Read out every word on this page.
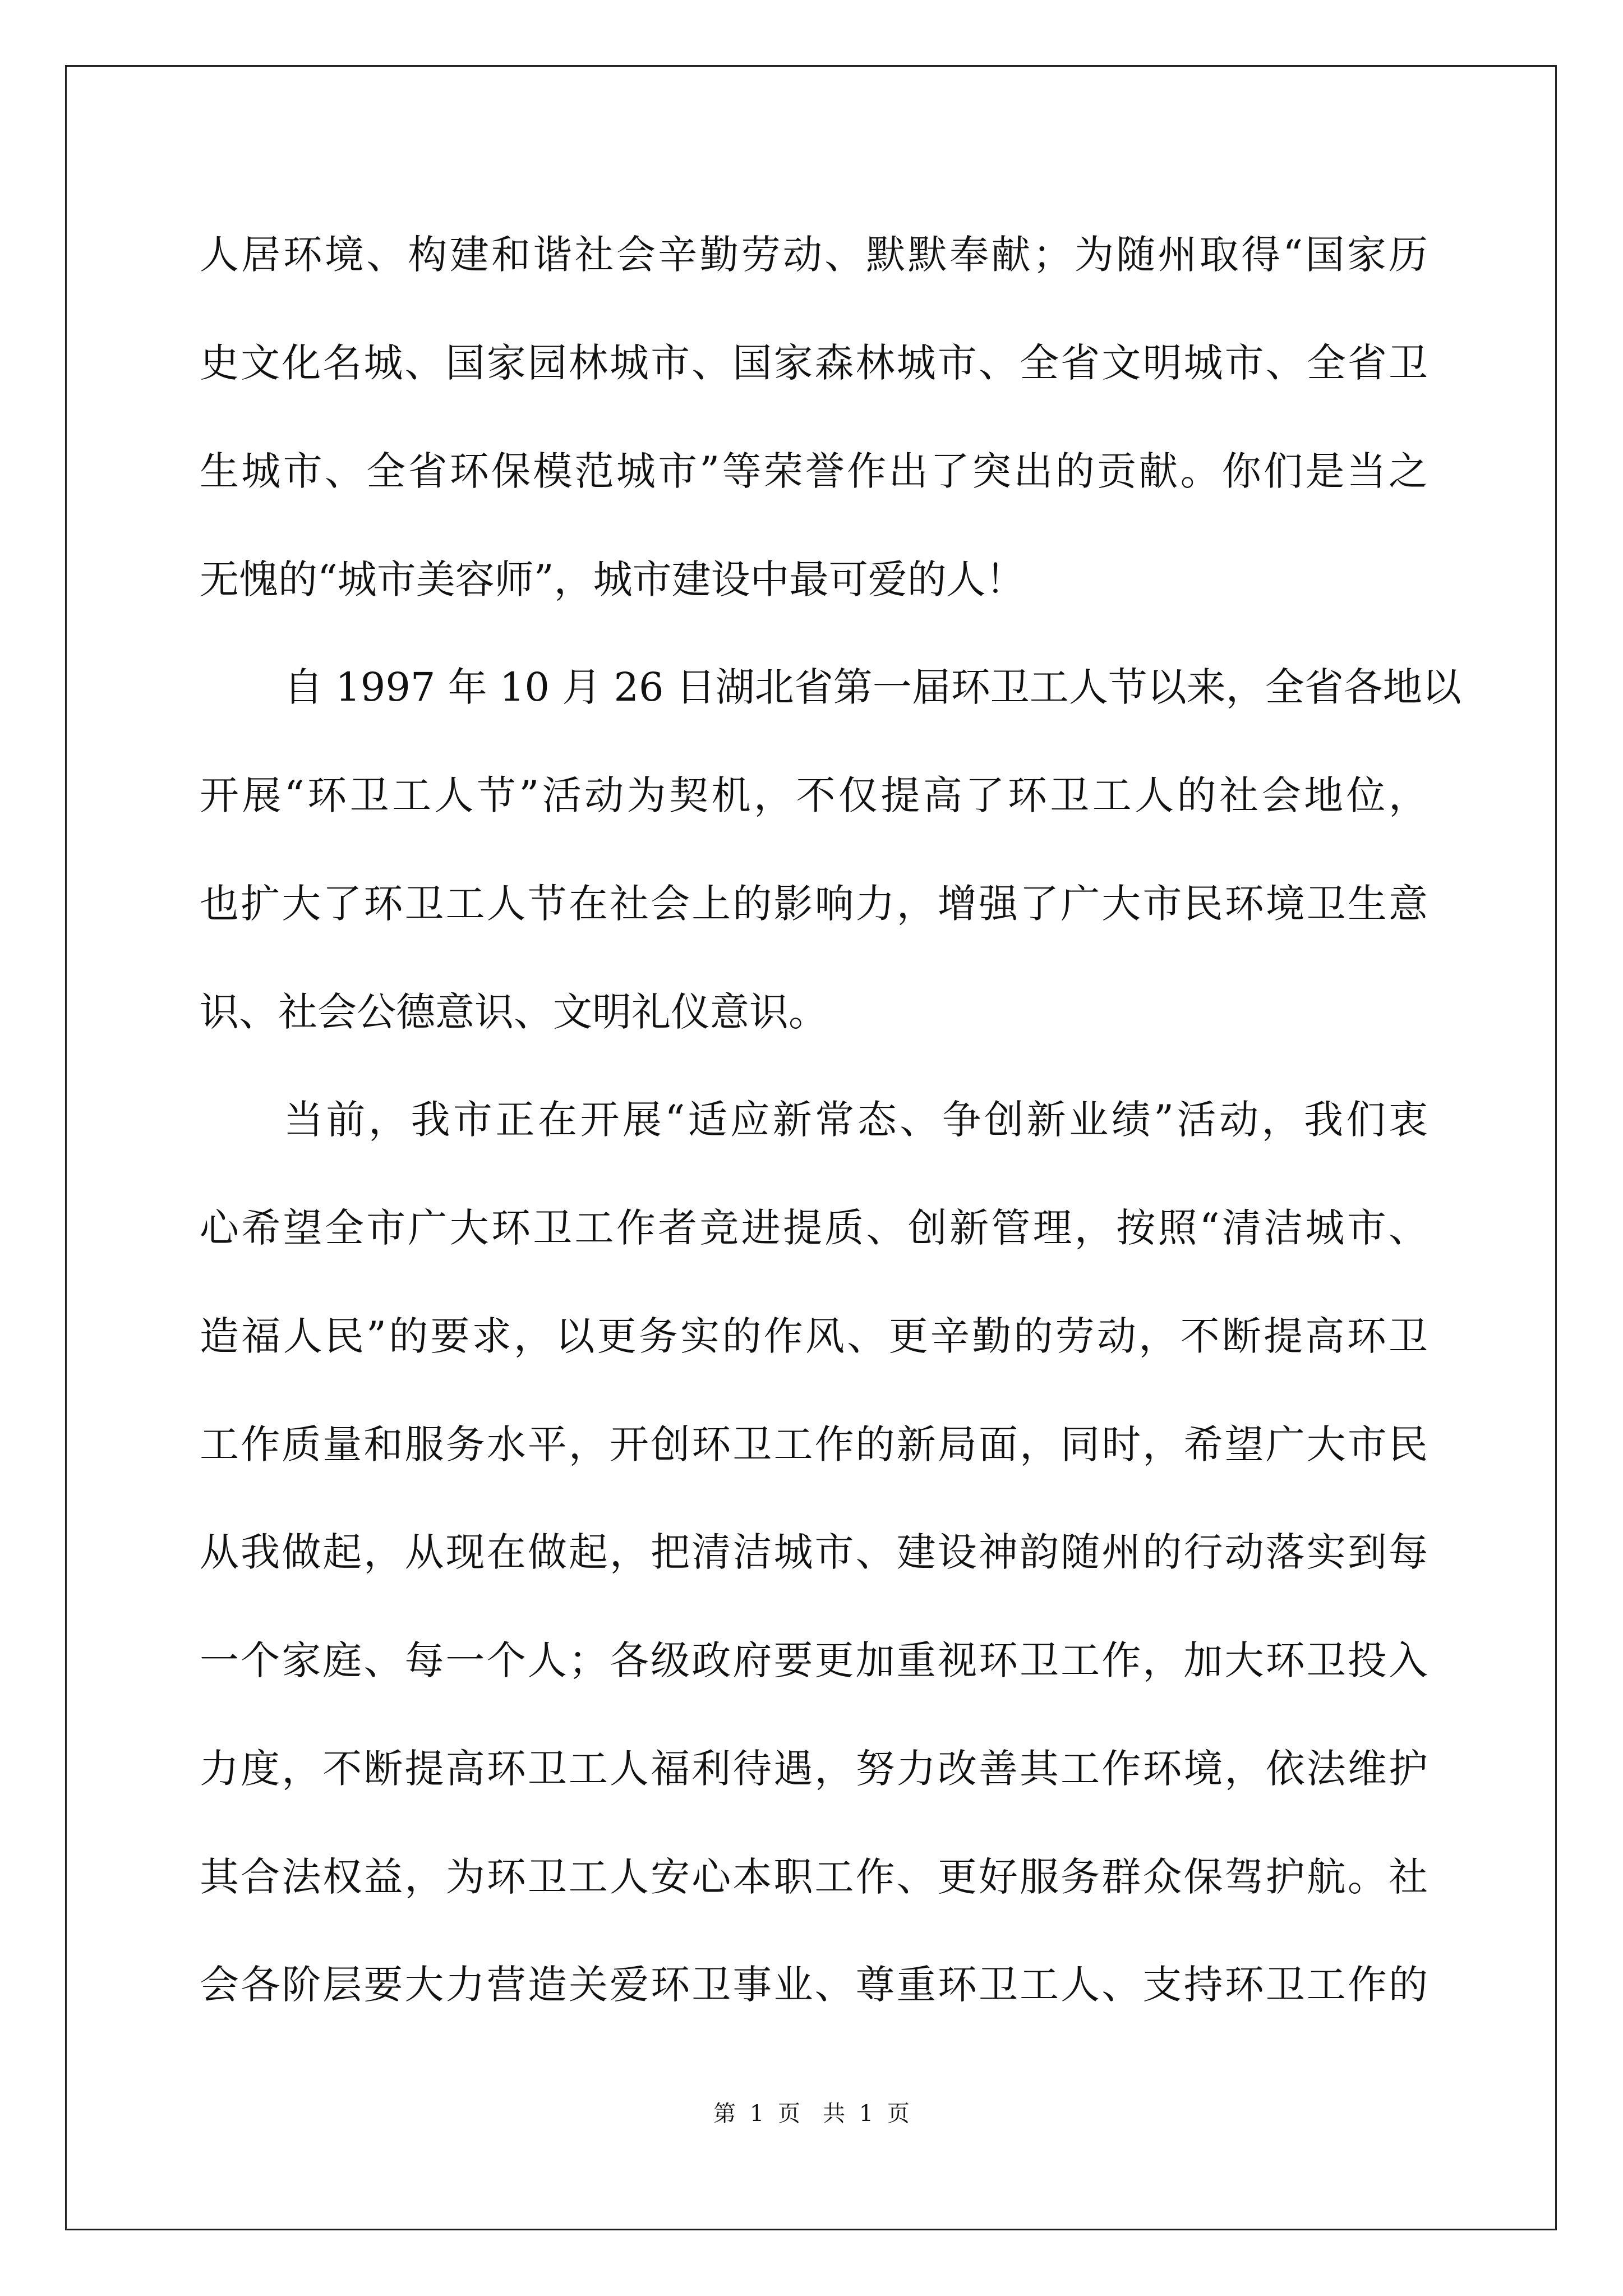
人居环境、构建和谐社会辛勤劳动、默默奉献；为随州取得“国家历
史文化名城、国家园林城市、国家森林城市、全省文明城市、全省卫
生城市、全省环保模范城市”等荣誉作出了突出的贡献。你们是当之
无愧的“城市美容师”，城市建设中最可爱的人！
自 1997 年 10 月 26 日湖北省第一届环卫工人节以来，全省各地以
开展“环卫工人节”活动为契机，不仅提高了环卫工人的社会地位，
也扩大了环卫工人节在社会上的影响力，增强了广大市民环境卫生意
识、社会公德意识、文明礼仪意识。
当前，我市正在开展“适应新常态、争创新业绩”活动，我们衷
心希望全市广大环卫工作者竞进提质、创新管理，按照“清洁城市、
造福人民”的要求，以更务实的作风、更辛勤的劳动，不断提高环卫
工作质量和服务水平，开创环卫工作的新局面，同时，希望广大市民
从我做起，从现在做起，把清洁城市、建设神韵随州的行动落实到每
一个家庭、每一个人；各级政府要更加重视环卫工作，加大环卫投入
力度，不断提高环卫工人福利待遇，努力改善其工作环境，依法维护
其合法权益，为环卫工人安心本职工作、更好服务群众保驾护航。社
会各阶层要大力营造关爱环卫事业、尊重环卫工人、支持环卫工作的
第 1 页　共 1 页
